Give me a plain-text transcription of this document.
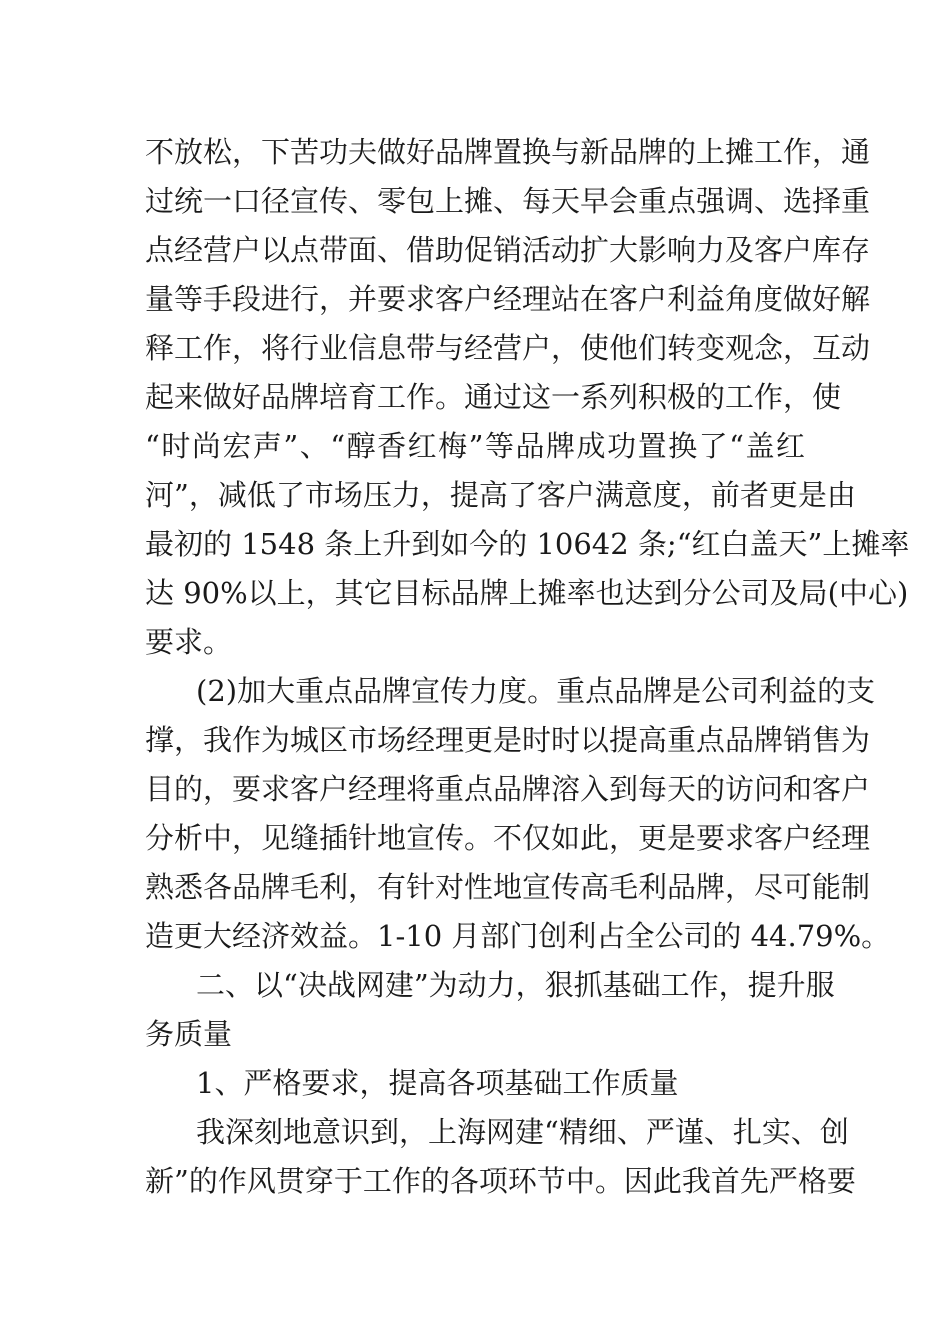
不放松，下苦功夫做好品牌置换与新品牌的上摊工作，通
过统一口径宣传、零包上摊、每天早会重点强调、选择重
点经营户以点带面、借助促销活动扩大影响力及客户库存
量等手段进行，并要求客户经理站在客户利益角度做好解
释工作，将行业信息带与经营户，使他们转变观念，互动
起来做好品牌培育工作。通过这一系列积极的工作，使
“时尚宏声”、“醇香红梅”等品牌成功置换了“盖红
河”，减低了市场压力，提高了客户满意度，前者更是由
最初的 1548 条上升到如今的 10642 条;“红白盖天”上摊率
达 90%以上，其它目标品牌上摊率也达到分公司及局(中心)
要求。
(2)加大重点品牌宣传力度。重点品牌是公司利益的支
撑，我作为城区市场经理更是时时以提高重点品牌销售为
目的，要求客户经理将重点品牌溶入到每天的访问和客户
分析中，见缝插针地宣传。不仅如此，更是要求客户经理
熟悉各品牌毛利，有针对性地宣传高毛利品牌，尽可能制
造更大经济效益。1-10 月部门创利占全公司的 44.79%。
二、以“决战网建”为动力，狠抓基础工作，提升服
务质量
1、严格要求，提高各项基础工作质量
我深刻地意识到，上海网建“精细、严谨、扎实、创
新”的作风贯穿于工作的各项环节中。因此我首先严格要
